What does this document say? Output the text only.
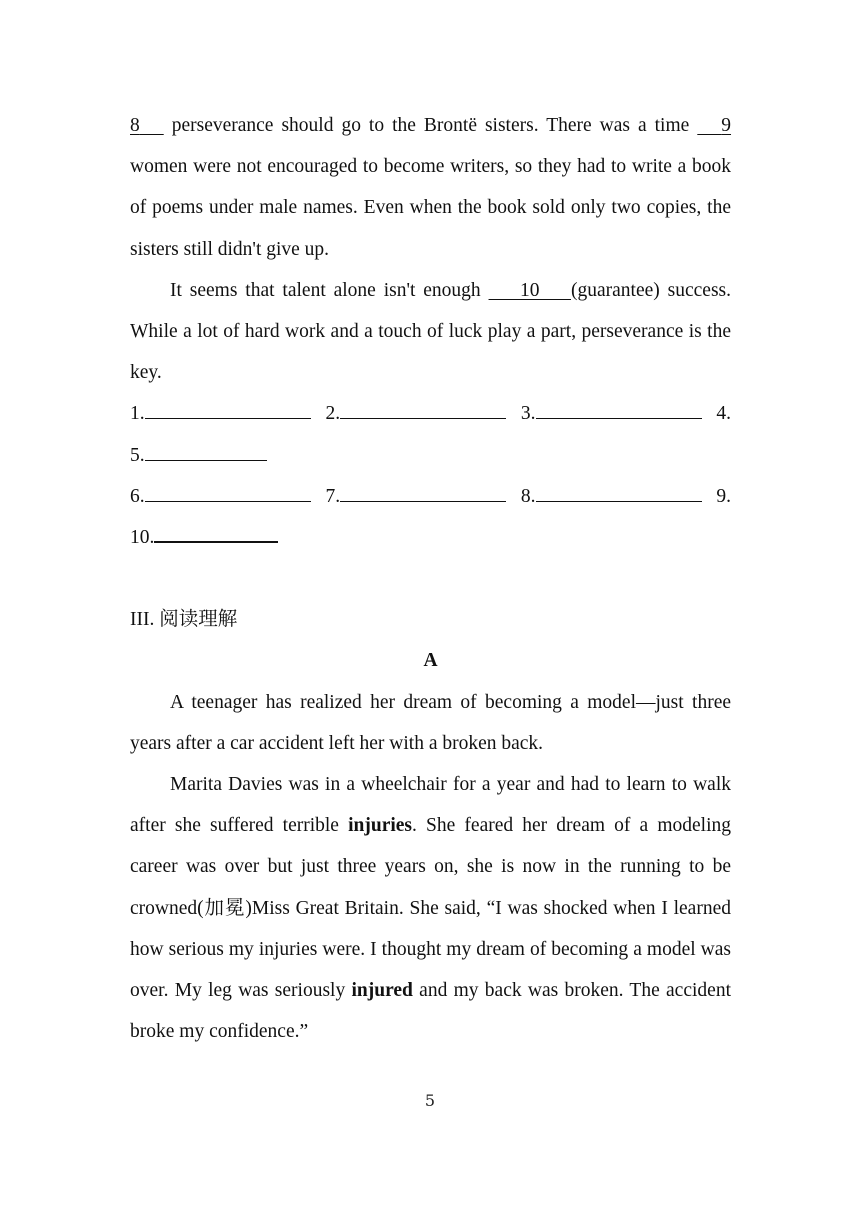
8    perseverance should go to the Brontë sisters. There was a time    9 women were not encouraged to become writers, so they had to write a book of poems under male names. Even when the book sold only two copies, the sisters still didn't give up.
It seems that talent alone isn't enough     10 (guarantee) success. While a lot of hard work and a touch of luck play a part, perseverance is the key.
1.	2.	3.	4.
5.
6.	7.	8.	9.
10.
III. 阅读理解
A
A teenager has realized her dream of becoming a model—just three years after a car accident left her with a broken back.
Marita Davies was in a wheelchair for a year and had to learn to walk after she suffered terrible injuries. She feared her dream of a modeling career was over but just three years on, she is now in the running to be crowned(加冕)Miss Great Britain. She said, “I was shocked when I learned how serious my injuries were. I thought my dream of becoming a model was over. My leg was seriously injured and my back was broken. The accident broke my confidence.”
5
